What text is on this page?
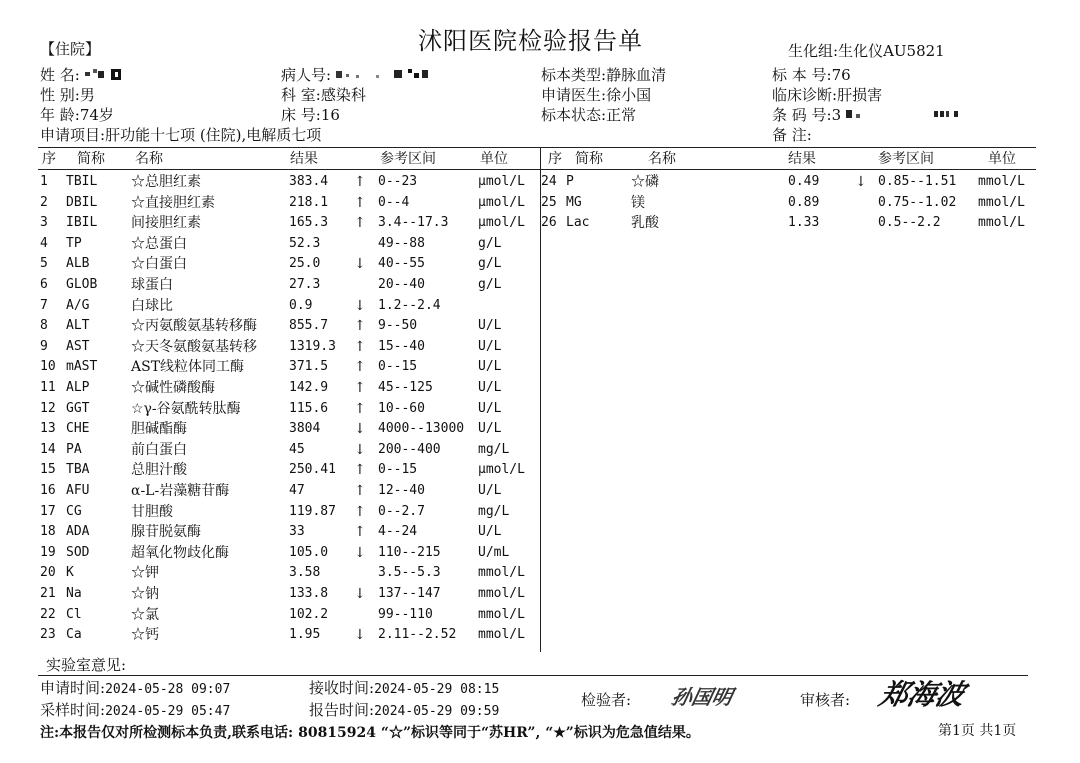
沭阳医院检验报告单
【住院】	生化组:生化仪AU5821
姓 名:
性 别:男
年 龄:74岁
申请项目:肝功能十七项 (住院),电解质七项
病人号:
科 室:感染科
床 号:16
标本类型:静脉血清
申请医生:徐小国
标本状态:正常
标 本 号:76
临床诊断:肝损害
条 码 号:3
备 注:
序 简称 名称	结果	参考区间	单位	序 简称	名称	结果	参考区间	单位
1 TBIL ☆总胆红素	383.4 ↑ 0--23	μmol/L
2 DBIL ☆直接胆红素	218.1 ↑ 0--4	μmol/L
3 IBIL 间接胆红素	165.3 ↑ 3.4--17.3 μmol/L
4 TP	☆总蛋白	52.3	49--88	g/L
5 ALB	☆白蛋白	25.0 ↓ 40--55	g/L
6 GLOB 球蛋白	27.3	20--40	g/L
7 A/G	白球比	0.9	↓ 1.2--2.4
8 ALT	☆丙氨酸氨基转移酶 855.7 ↑ 9--50	U/L
9 AST	☆天冬氨酸氨基转移 1319.3 ↑ 15--40	U/L
10 mAST AST线粒体同工酶	371.5 ↑ 0--15	U/L
11 ALP	☆碱性磷酸酶	142.9 ↑ 45--125	U/L
12 GGT	☆γ-谷氨酰转肽酶	115.6 ↑ 10--60	U/L
13 CHE	胆碱酯酶	3804 ↓ 4000--13000 U/L
14 PA	前白蛋白	45	↓ 200--400	mg/L
15 TBA	总胆汁酸	250.41 ↑ 0--15	μmol/L
16 AFU	α-L-岩藻糖苷酶	47	↑ 12--40	U/L
17 CG	甘胆酸	119.87 ↑ 0--2.7	mg/L
18 ADA	腺苷脱氨酶	33	↑ 4--24	U/L
19 SOD	超氧化物歧化酶	105.0 ↓ 110--215	U/mL
20 K	☆钾	3.58	3.5--5.3	mmol/L
21 Na	☆钠	133.8 ↓ 137--147	mmol/L
22 Cl	☆氯	102.2	99--110	mmol/L
23 Ca	☆钙	1.95 ↓ 2.11--2.52 mmol/L
24 P	☆磷	0.49	↓ 0.85--1.51 mmol/L
25 MG	镁	0.89	0.75--1.02 mmol/L
26 Lac	乳酸	1.33	0.5--2.2	mmol/L
实验室意见:
申请时间:2024-05-28 09:07	接收时间:2024-05-29 08:15
采样时间:2024-05-29 05:47	报告时间:2024-05-29 09:59
检验者: 孙国明	审核者: 郑海波
注:本报告仅对所检测标本负责,联系电话: 80815924 “☆”标识等同于“苏HR”, “★”标识为危急值结果。	第1页 共1页
